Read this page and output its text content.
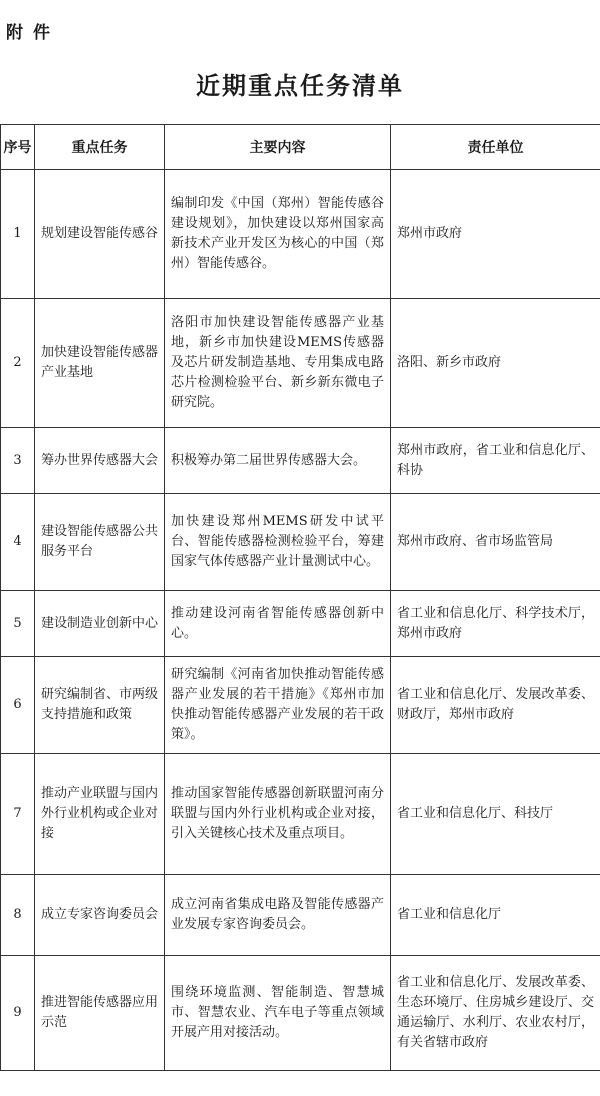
附件
近期重点任务清单
序号	重点任务	主要内容	责任单位
1	规划建设智能传感谷	编制印发《中国（郑州）智能传感谷建设规划》，加快建设以郑州国家高新技术产业开发区为核心的中国（郑州）智能传感谷。	郑州市政府
2	加快建设智能传感器产业基地	洛阳市加快建设智能传感器产业基地，新乡市加快建设MEMS传感器及芯片研发制造基地、专用集成电路芯片检测检验平台、新乡新东微电子研究院。	洛阳、新乡市政府
3	筹办世界传感器大会	积极筹办第二届世界传感器大会。	郑州市政府，省工业和信息化厅、科协
4	建设智能传感器公共服务平台	加快建设郑州MEMS研发中试平台、智能传感器检测检验平台，筹建国家气体传感器产业计量测试中心。	郑州市政府、省市场监管局
5	建设制造业创新中心	推动建设河南省智能传感器创新中心。	省工业和信息化厅、科学技术厅，郑州市政府
6	研究编制省、市两级支持措施和政策	研究编制《河南省加快推动智能传感器产业发展的若干措施》《郑州市加快推动智能传感器产业发展的若干政策》。	省工业和信息化厅、发展改革委、财政厅，郑州市政府
7	推动产业联盟与国内外行业机构或企业对接	推动国家智能传感器创新联盟河南分联盟与国内外行业机构或企业对接，引入关键核心技术及重点项目。	省工业和信息化厅、科技厅
8	成立专家咨询委员会	成立河南省集成电路及智能传感器产业发展专家咨询委员会。	省工业和信息化厅
9	推进智能传感器应用示范	围绕环境监测、智能制造、智慧城市、智慧农业、汽车电子等重点领域开展产用对接活动。	省工业和信息化厅、发展改革委、生态环境厅、住房城乡建设厅、交通运输厅、水利厅、农业农村厅，有关省辖市政府
